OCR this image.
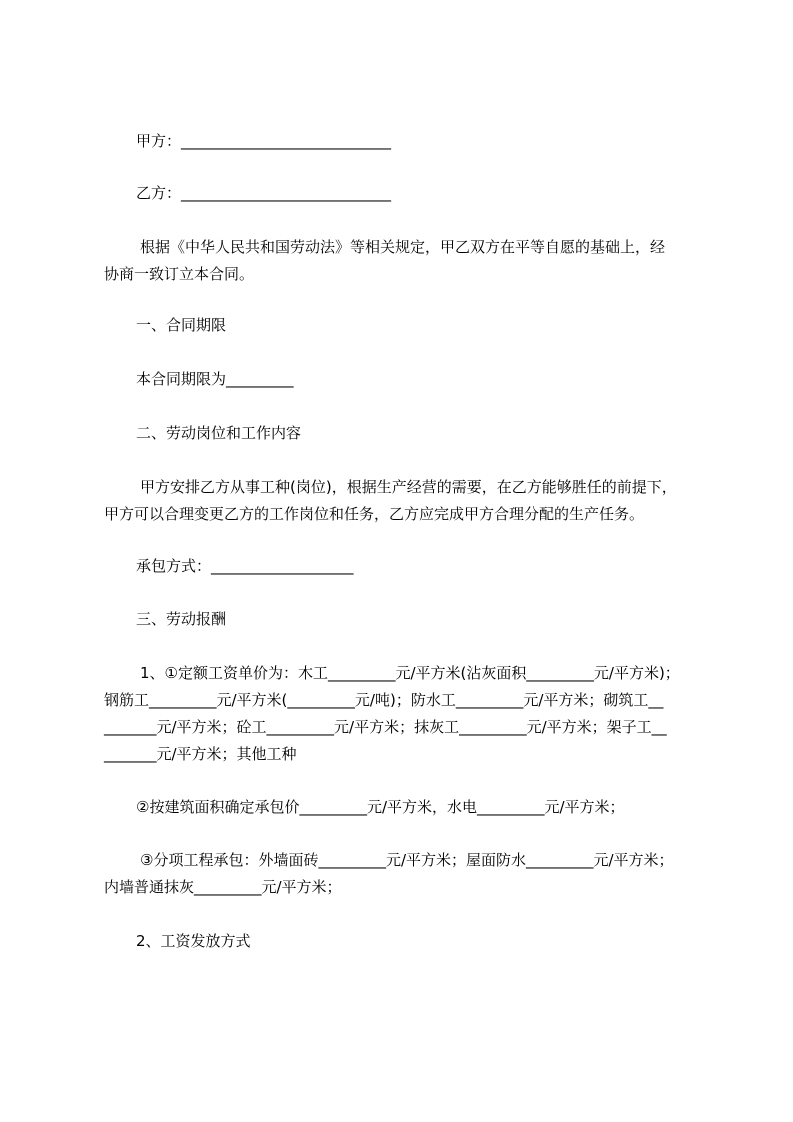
甲方：____________________________
乙方：____________________________
根据《中华人民共和国劳动法》等相关规定，甲乙双方在平等自愿的基础上，经
协商一致订立本合同。
一、合同期限
本合同期限为_________
二、劳动岗位和工作内容
甲方安排乙方从事工种(岗位)，根据生产经营的需要，在乙方能够胜任的前提下，
甲方可以合理变更乙方的工作岗位和任务，乙方应完成甲方合理分配的生产任务。
承包方式：___________________
三、劳动报酬
1、①定额工资单价为：木工_________元/平方米(沾灰面积_________元/平方米)；
钢筋工_________元/平方米(_________元/吨)；防水工_________元/平方米；砌筑工__
_______元/平方米；砼工_________元/平方米；抹灰工_________元/平方米；架子工__
_______元/平方米；其他工种
②按建筑面积确定承包价_________元/平方米，水电_________元/平方米；
③分项工程承包：外墙面砖_________元/平方米；屋面防水_________元/平方米；
内墙普通抹灰_________元/平方米；
2、工资发放方式
